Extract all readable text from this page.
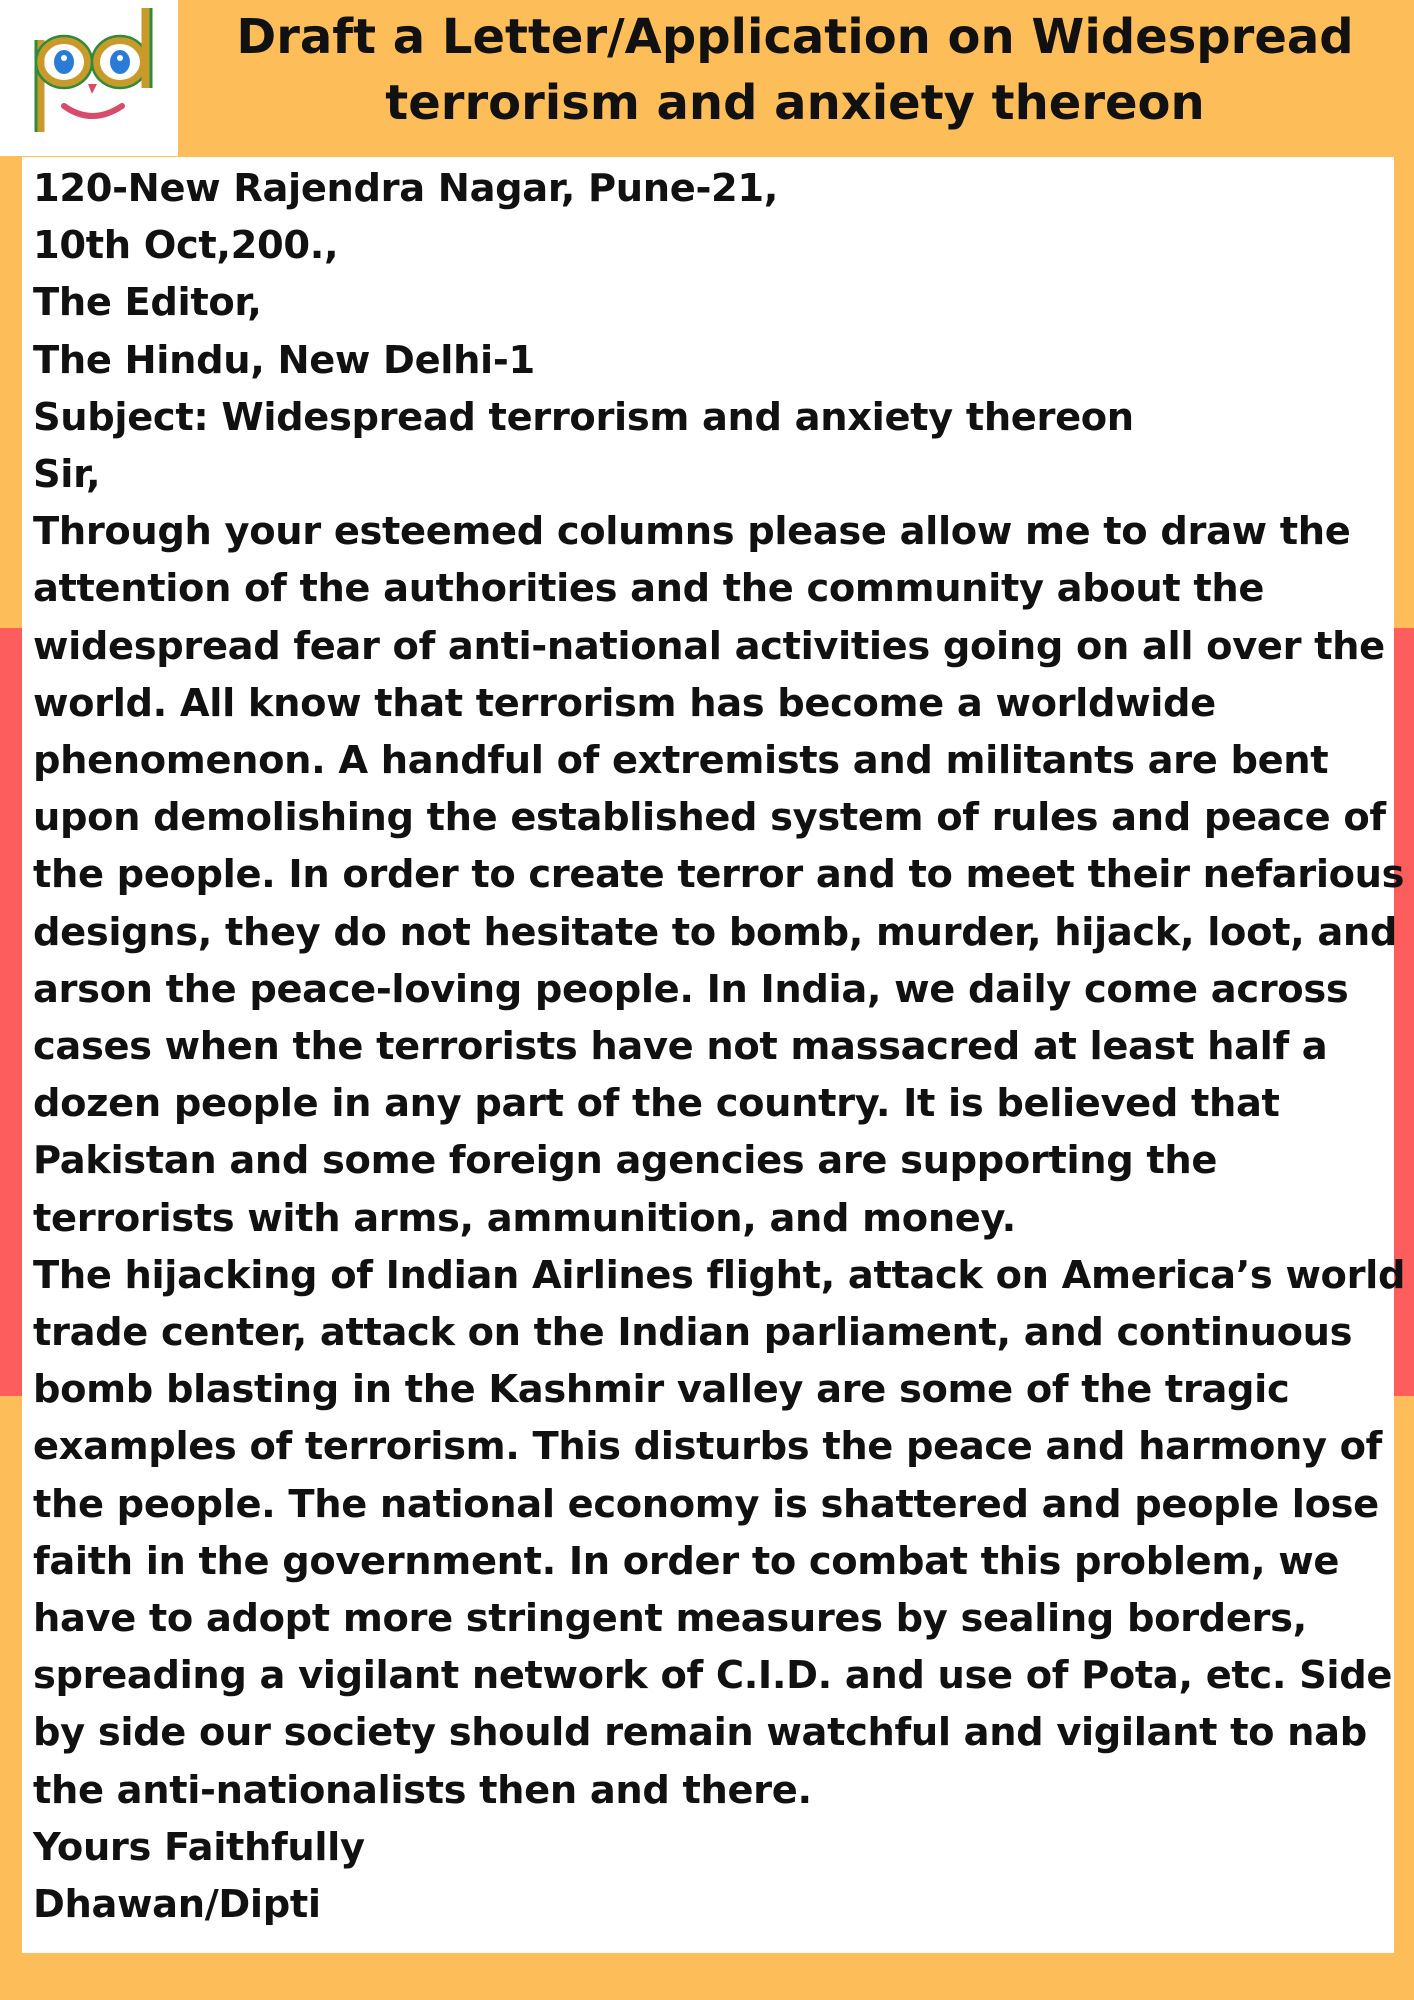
Draft a Letter/Application on Widespread
terrorism and anxiety thereon
120-New Rajendra Nagar, Pune-21,
10th Oct,200.,
The Editor,
The Hindu, New Delhi-1
Subject: Widespread terrorism and anxiety thereon
Sir,
Through your esteemed columns please allow me to draw the attention of the authorities and the community about the widespread fear of anti-national activities going on all over the world. All know that terrorism has become a worldwide phenomenon. A handful of extremists and militants are bent upon demolishing the established system of rules and peace of the people. In order to create terror and to meet their nefarious designs, they do not hesitate to bomb, murder, hijack, loot, and arson the peace-loving people. In India, we daily come across cases when the terrorists have not massacred at least half a dozen people in any part of the country. It is believed that Pakistan and some foreign agencies are supporting the terrorists with arms, ammunition, and money.
The hijacking of Indian Airlines flight, attack on America’s world trade center, attack on the Indian parliament, and continuous bomb blasting in the Kashmir valley are some of the tragic examples of terrorism. This disturbs the peace and harmony of the people. The national economy is shattered and people lose faith in the government. In order to combat this problem, we have to adopt more stringent measures by sealing borders, spreading a vigilant network of C.I.D. and use of Pota, etc. Side by side our society should remain watchful and vigilant to nab the anti-nationalists then and there.
Yours Faithfully
Dhawan/Dipti
